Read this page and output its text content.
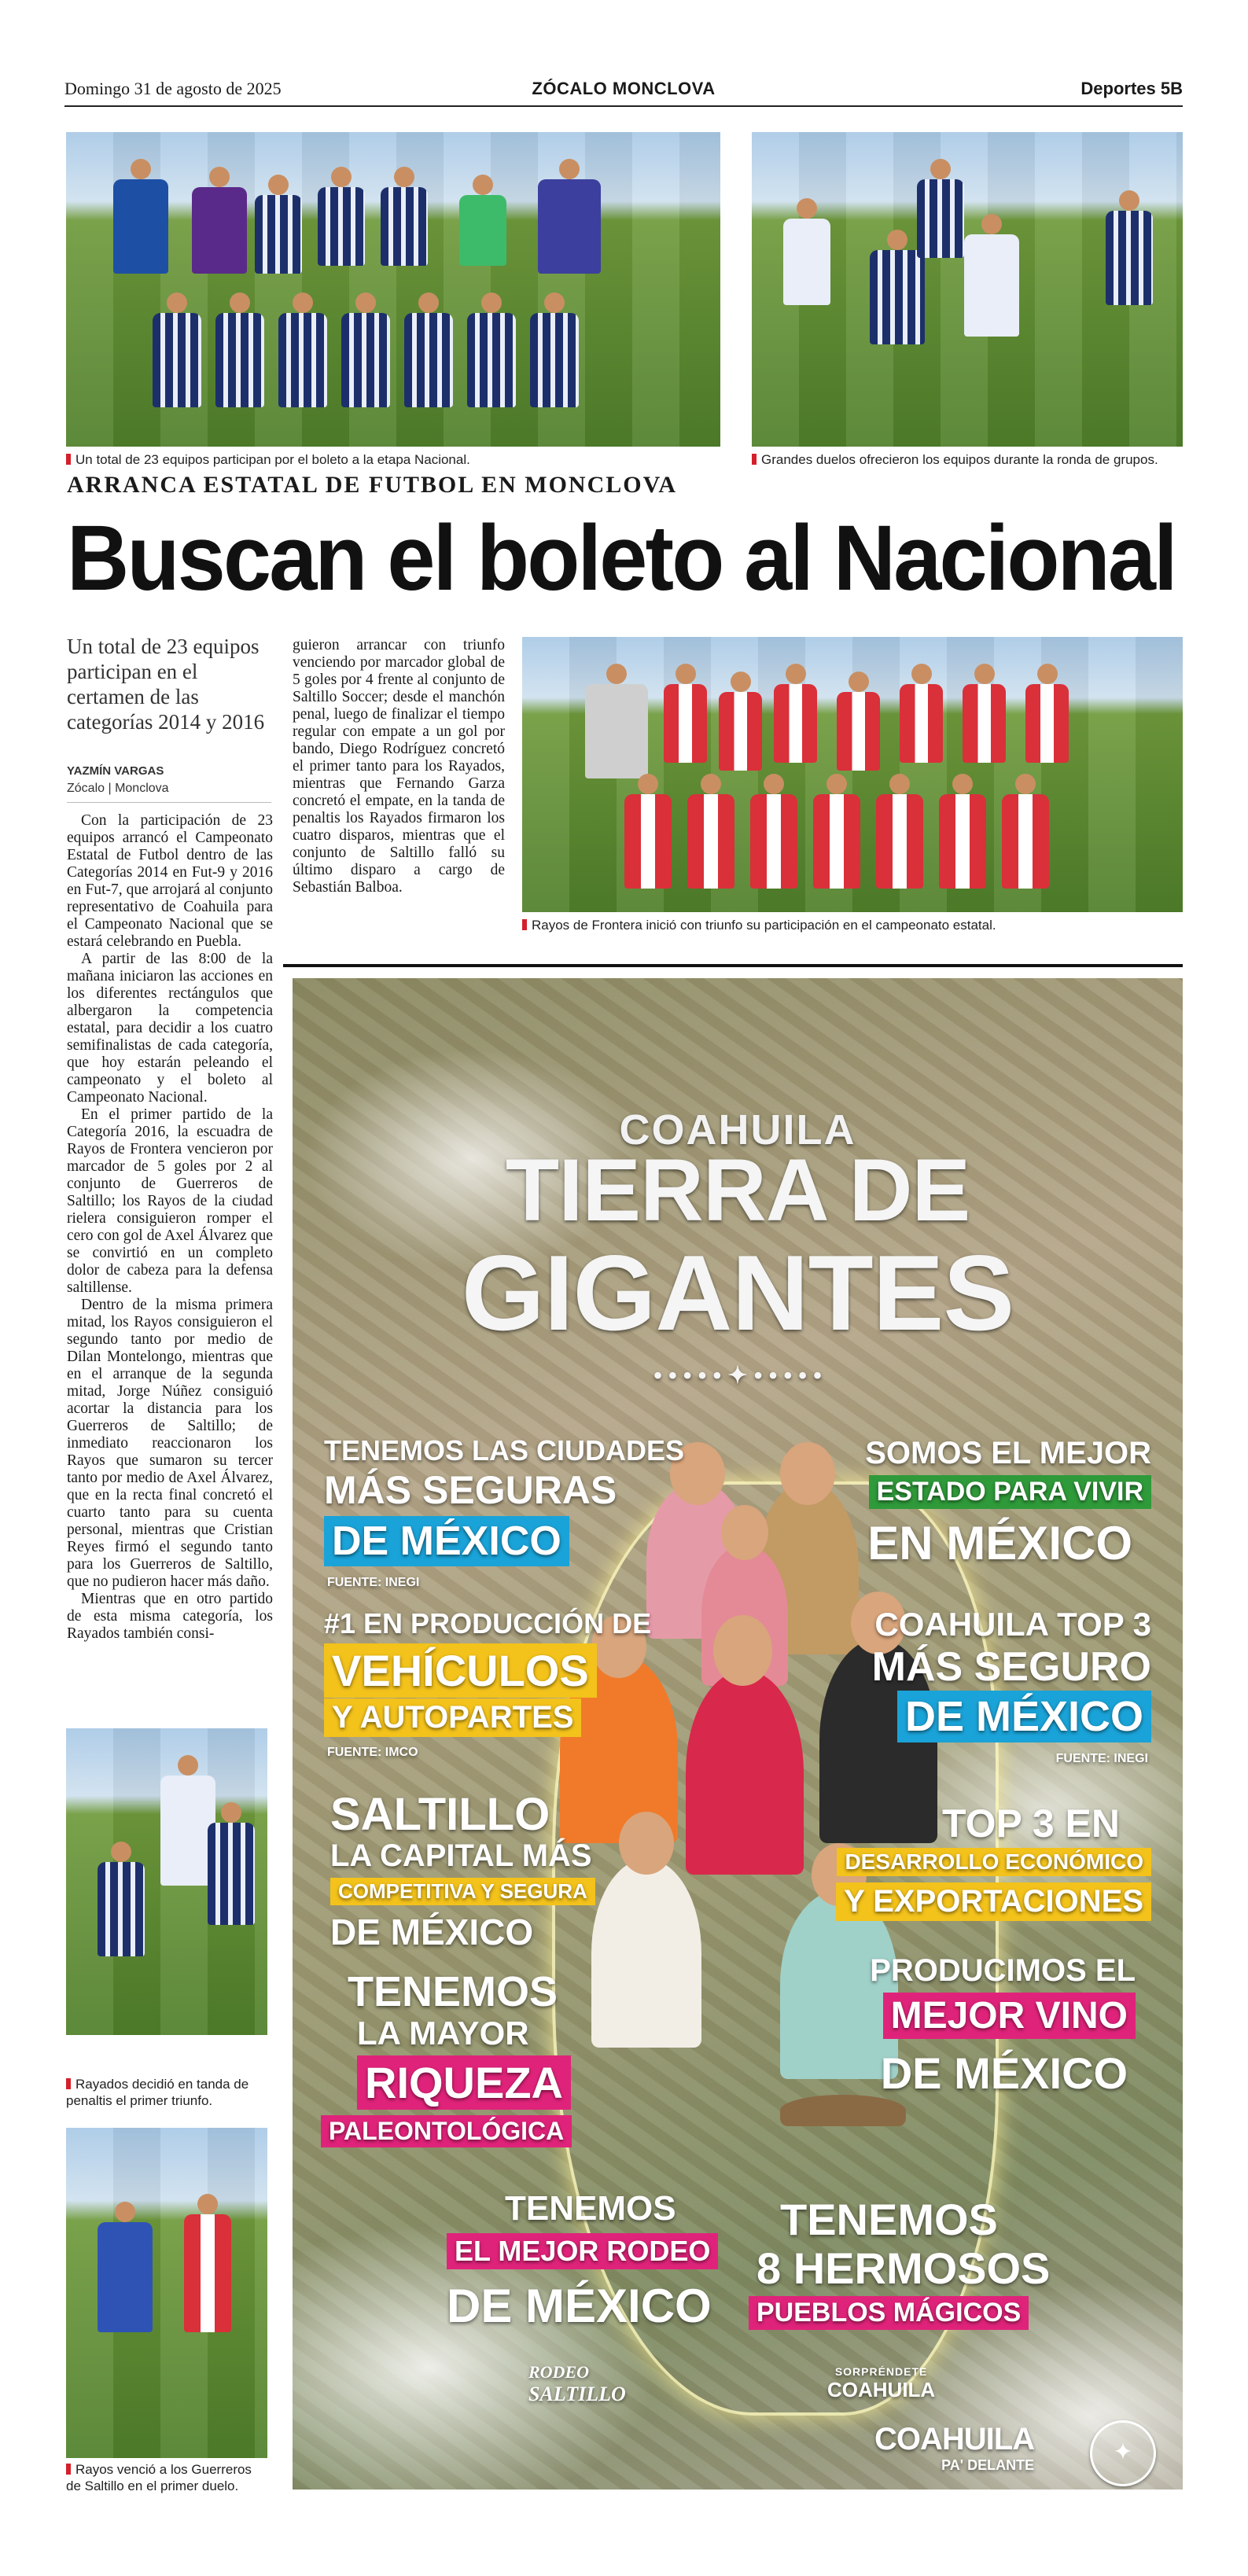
Domingo 31 de agosto de 2025	ZÓCALO MONCLOVA	Deportes 5B
Un total de 23 equipos participan por el boleto a la etapa Nacional.	Grandes duelos ofrecieron los equipos durante la ronda de grupos.
ARRANCA ESTATAL DE FUTBOL EN MONCLOVA
Buscan el boleto al Nacional
Un total de 23 equipos participan en el certamen de las categorías 2014 y 2016
YAZMÍN VARGAS
Zócalo | Monclova

Con la participación de 23 equipos arrancó el Campeonato Estatal de Futbol dentro de las Categorías 2014 en Fut-9 y 2016 en Fut-7, que arrojará al conjunto representativo de Coahuila para el Campeonato Nacional que se estará celebrando en Puebla.

A partir de las 8:00 de la mañana iniciaron las acciones en los diferentes rectángulos que albergaron la competencia estatal, para decidir a los cuatro semifinalistas de cada categoría, que hoy estarán peleando el campeonato y el boleto al Campeonato Nacional.

En el primer partido de la Categoría 2016, la escuadra de Rayos de Frontera vencieron por marcador de 5 goles por 2 al conjunto de Guerreros de Saltillo; los Rayos de la ciudad rielera consiguieron romper el cero con gol de Axel Álvarez que se convirtió en un completo dolor de cabeza para la defensa saltillense.

Dentro de la misma primera mitad, los Rayos consiguieron el segundo tanto por medio de Dilan Montelongo, mientras que en el arranque de la segunda mitad, Jorge Núñez consiguió acortar la distancia para los Guerreros de Saltillo; de inmediato reaccionaron los Rayos que sumaron su tercer tanto por medio de Axel Álvarez, que en la recta final concretó el cuarto tanto para su cuenta personal, mientras que Cristian Reyes firmó el segundo tanto para los Guerreros de Saltillo, que no pudieron hacer más daño.

Mientras que en otro partido de esta misma categoría, los Rayados también consi-

guieron arrancar con triunfo venciendo por marcador global de 5 goles por 4 frente al conjunto de Saltillo Soccer; desde el manchón penal, luego de finalizar el tiempo regular con empate a un gol por bando, Diego Rodríguez concretó el primer tanto para los Rayados, mientras que Fernando Garza concretó el empate, en la tanda de penaltis los Rayados firmaron los cuatro disparos, mientras que el conjunto de Saltillo falló su último disparo a cargo de Sebastián Balboa.

Rayos de Frontera inició con triunfo su participación en el campeonato estatal.
Rayados decidió en tanda de penaltis el primer triunfo.
Rayos venció a los Guerreros de Saltillo en el primer duelo.
COAHUILA
TIERRA DE
GIGANTES
• • • • • ✦ • • • • •
TENEMOS LAS CIUDADES
MÁS SEGURAS
DE MÉXICO
FUENTE: INEGI
SOMOS EL MEJOR
ESTADO PARA VIVIR
EN MÉXICO
#1 EN PRODUCCIÓN DE
VEHÍCULOS
Y AUTOPARTES
FUENTE: IMCO
COAHUILA TOP 3
MÁS SEGURO
DE MÉXICO
FUENTE: INEGI
SALTILLO
LA CAPITAL MÁS
COMPETITIVA Y SEGURA
DE MÉXICO
TOP 3 EN
DESARROLLO ECONÓMICO
Y EXPORTACIONES
TENEMOS
LA MAYOR
RIQUEZA
PALEONTOLÓGICA
PRODUCIMOS EL
MEJOR VINO
DE MÉXICO
TENEMOS
EL MEJOR RODEO
DE MÉXICO
TENEMOS
8 HERMOSOS
PUEBLOS MÁGICOS
RODEO
SALTILLO
SORPRÉNDETE
COAHUILA
COAHUILA
PA' DELANTE	✦
